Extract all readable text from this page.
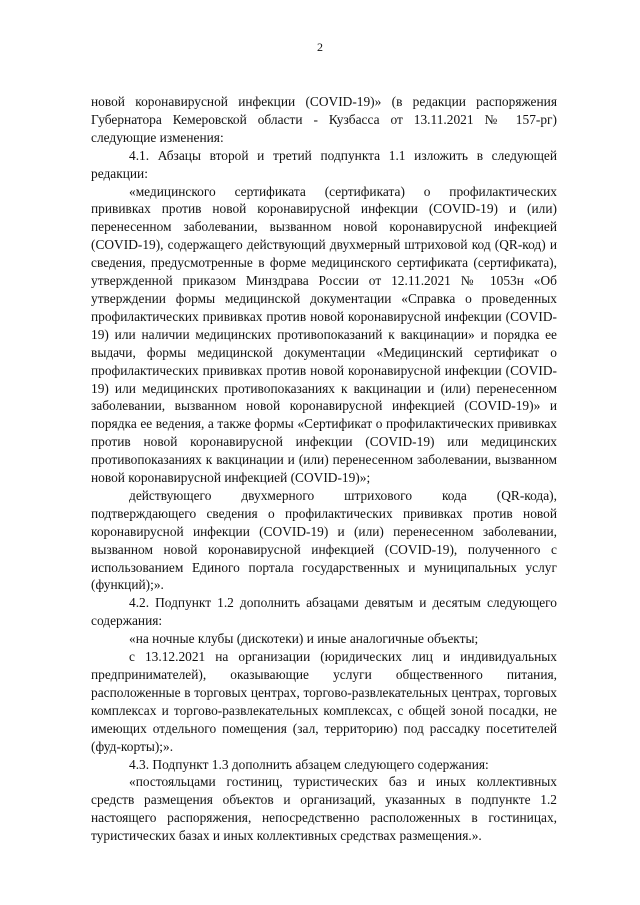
2

новой коронавирусной инфекции (COVID-19)» (в редакции распоряжения Губернатора Кемеровской области - Кузбасса от 13.11.2021 № 157-рг) следующие изменения:

4.1. Абзацы второй и третий подпункта 1.1 изложить в следующей редакции:

«медицинского сертификата (сертификата) о профилактических прививках против новой коронавирусной инфекции (COVID-19) и (или) перенесенном заболевании, вызванном новой коронавирусной инфекцией (COVID-19), содержащего действующий двухмерный штриховой код (QR-код) и сведения, предусмотренные в форме медицинского сертификата (сертификата), утвержденной приказом Минздрава России от 12.11.2021 № 1053н «Об утверждении формы медицинской документации «Справка о проведенных профилактических прививках против новой коронавирусной инфекции (COVID-19) или наличии медицинских противопоказаний к вакцинации» и порядка ее выдачи, формы медицинской документации «Медицинский сертификат о профилактических прививках против новой коронавирусной инфекции (COVID-19) или медицинских противопоказаниях к вакцинации и (или) перенесенном заболевании, вызванном новой коронавирусной инфекцией (COVID-19)» и порядка ее ведения, а также формы «Сертификат о профилактических прививках против новой коронавирусной инфекции (COVID-19) или медицинских противопоказаниях к вакцинации и (или) перенесенном заболевании, вызванном новой коронавирусной инфекцией (COVID-19)»;

действующего двухмерного штрихового кода (QR-кода), подтверждающего сведения о профилактических прививках против новой коронавирусной инфекции (COVID-19) и (или) перенесенном заболевании, вызванном новой коронавирусной инфекцией (COVID-19), полученного с использованием Единого портала государственных и муниципальных услуг (функций);».

4.2. Подпункт 1.2 дополнить абзацами девятым и десятым следующего содержания:

«на ночные клубы (дискотеки) и иные аналогичные объекты;

с 13.12.2021 на организации (юридических лиц и индивидуальных предпринимателей), оказывающие услуги общественного питания, расположенные в торговых центрах, торгово-развлекательных центрах, торговых комплексах и торгово-развлекательных комплексах, с общей зоной посадки, не имеющих отдельного помещения (зал, территорию) под рассадку посетителей (фуд-корты);».

4.3. Подпункт 1.3 дополнить абзацем следующего содержания:

«постояльцами гостиниц, туристических баз и иных коллективных средств размещения объектов и организаций, указанных в подпункте 1.2 настоящего распоряжения, непосредственно расположенных в гостиницах, туристических базах и иных коллективных средствах размещения.».
